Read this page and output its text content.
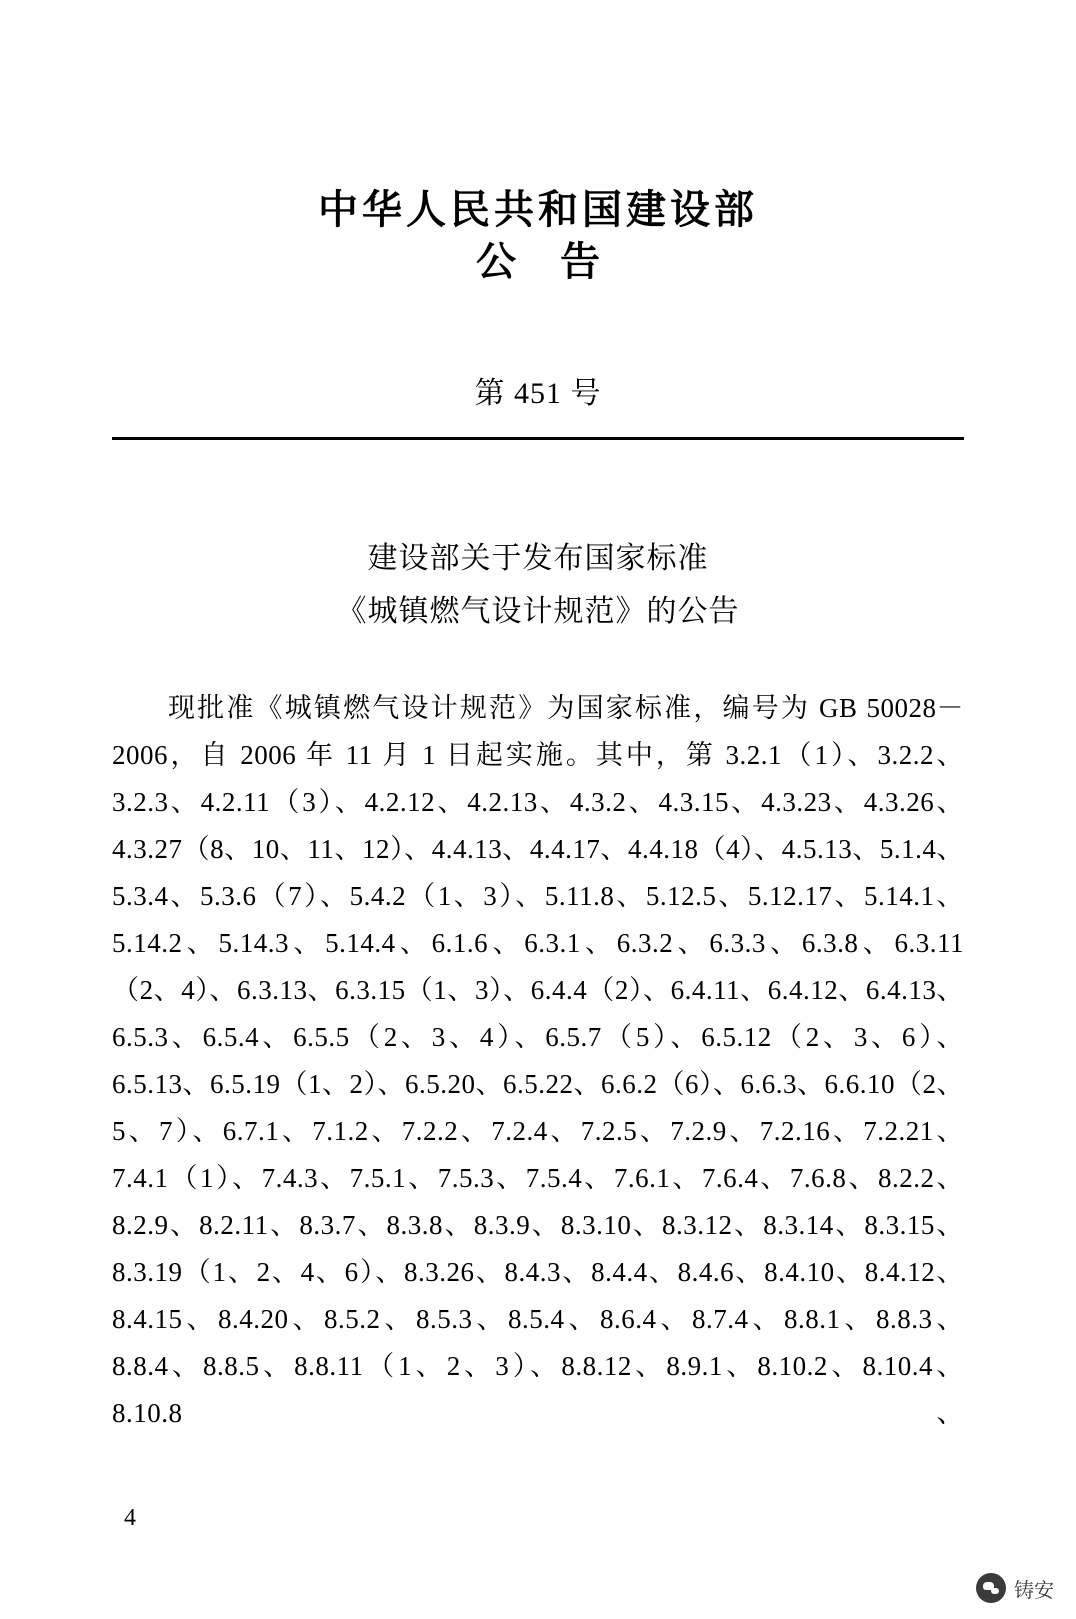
中华人民共和国建设部
公告
第 451 号
建设部关于发布国家标准
《城镇燃气设计规范》的公告

现批准《城镇燃气设计规范》为国家标准，编号为 GB 50028－2006，自 2006 年 11 月 1 日起实施。其中，第 3.2.1（1）、3.2.2、3.2.3、4.2.11（3）、4.2.12、4.2.13、4.3.2、4.3.15、4.3.23、4.3.26、4.3.27（8、10、11、12）、4.4.13、4.4.17、4.4.18（4）、4.5.13、5.1.4、5.3.4、5.3.6（7）、5.4.2（1、3）、5.11.8、5.12.5、5.12.17、5.14.1、5.14.2、5.14.3、5.14.4、6.1.6、6.3.1、6.3.2、6.3.3、6.3.8、6.3.11（2、4）、6.3.13、6.3.15（1、3）、6.4.4（2）、6.4.11、6.4.12、6.4.13、6.5.3、6.5.4、6.5.5（2、3、4）、6.5.7（5）、6.5.12（2、3、6）、6.5.13、6.5.19（1、2）、6.5.20、6.5.22、6.6.2（6）、6.6.3、6.6.10（2、5、7）、6.7.1、7.1.2、7.2.2、7.2.4、7.2.5、7.2.9、7.2.16、7.2.21、7.4.1（1）、7.4.3、7.5.1、7.5.3、7.5.4、7.6.1、7.6.4、7.6.8、8.2.2、8.2.9、8.2.11、8.3.7、8.3.8、8.3.9、8.3.10、8.3.12、8.3.14、8.3.15、8.3.19（1、2、4、6）、8.3.26、8.4.3、8.4.4、8.4.6、8.4.10、8.4.12、8.4.15、8.4.20、8.5.2、8.5.3、8.5.4、8.6.4、8.7.4、8.8.1、8.8.3、8.8.4、8.8.5、8.8.11（1、2、3）、8.8.12、8.9.1、8.10.2、8.10.4、8.10.8、

4
铸安
